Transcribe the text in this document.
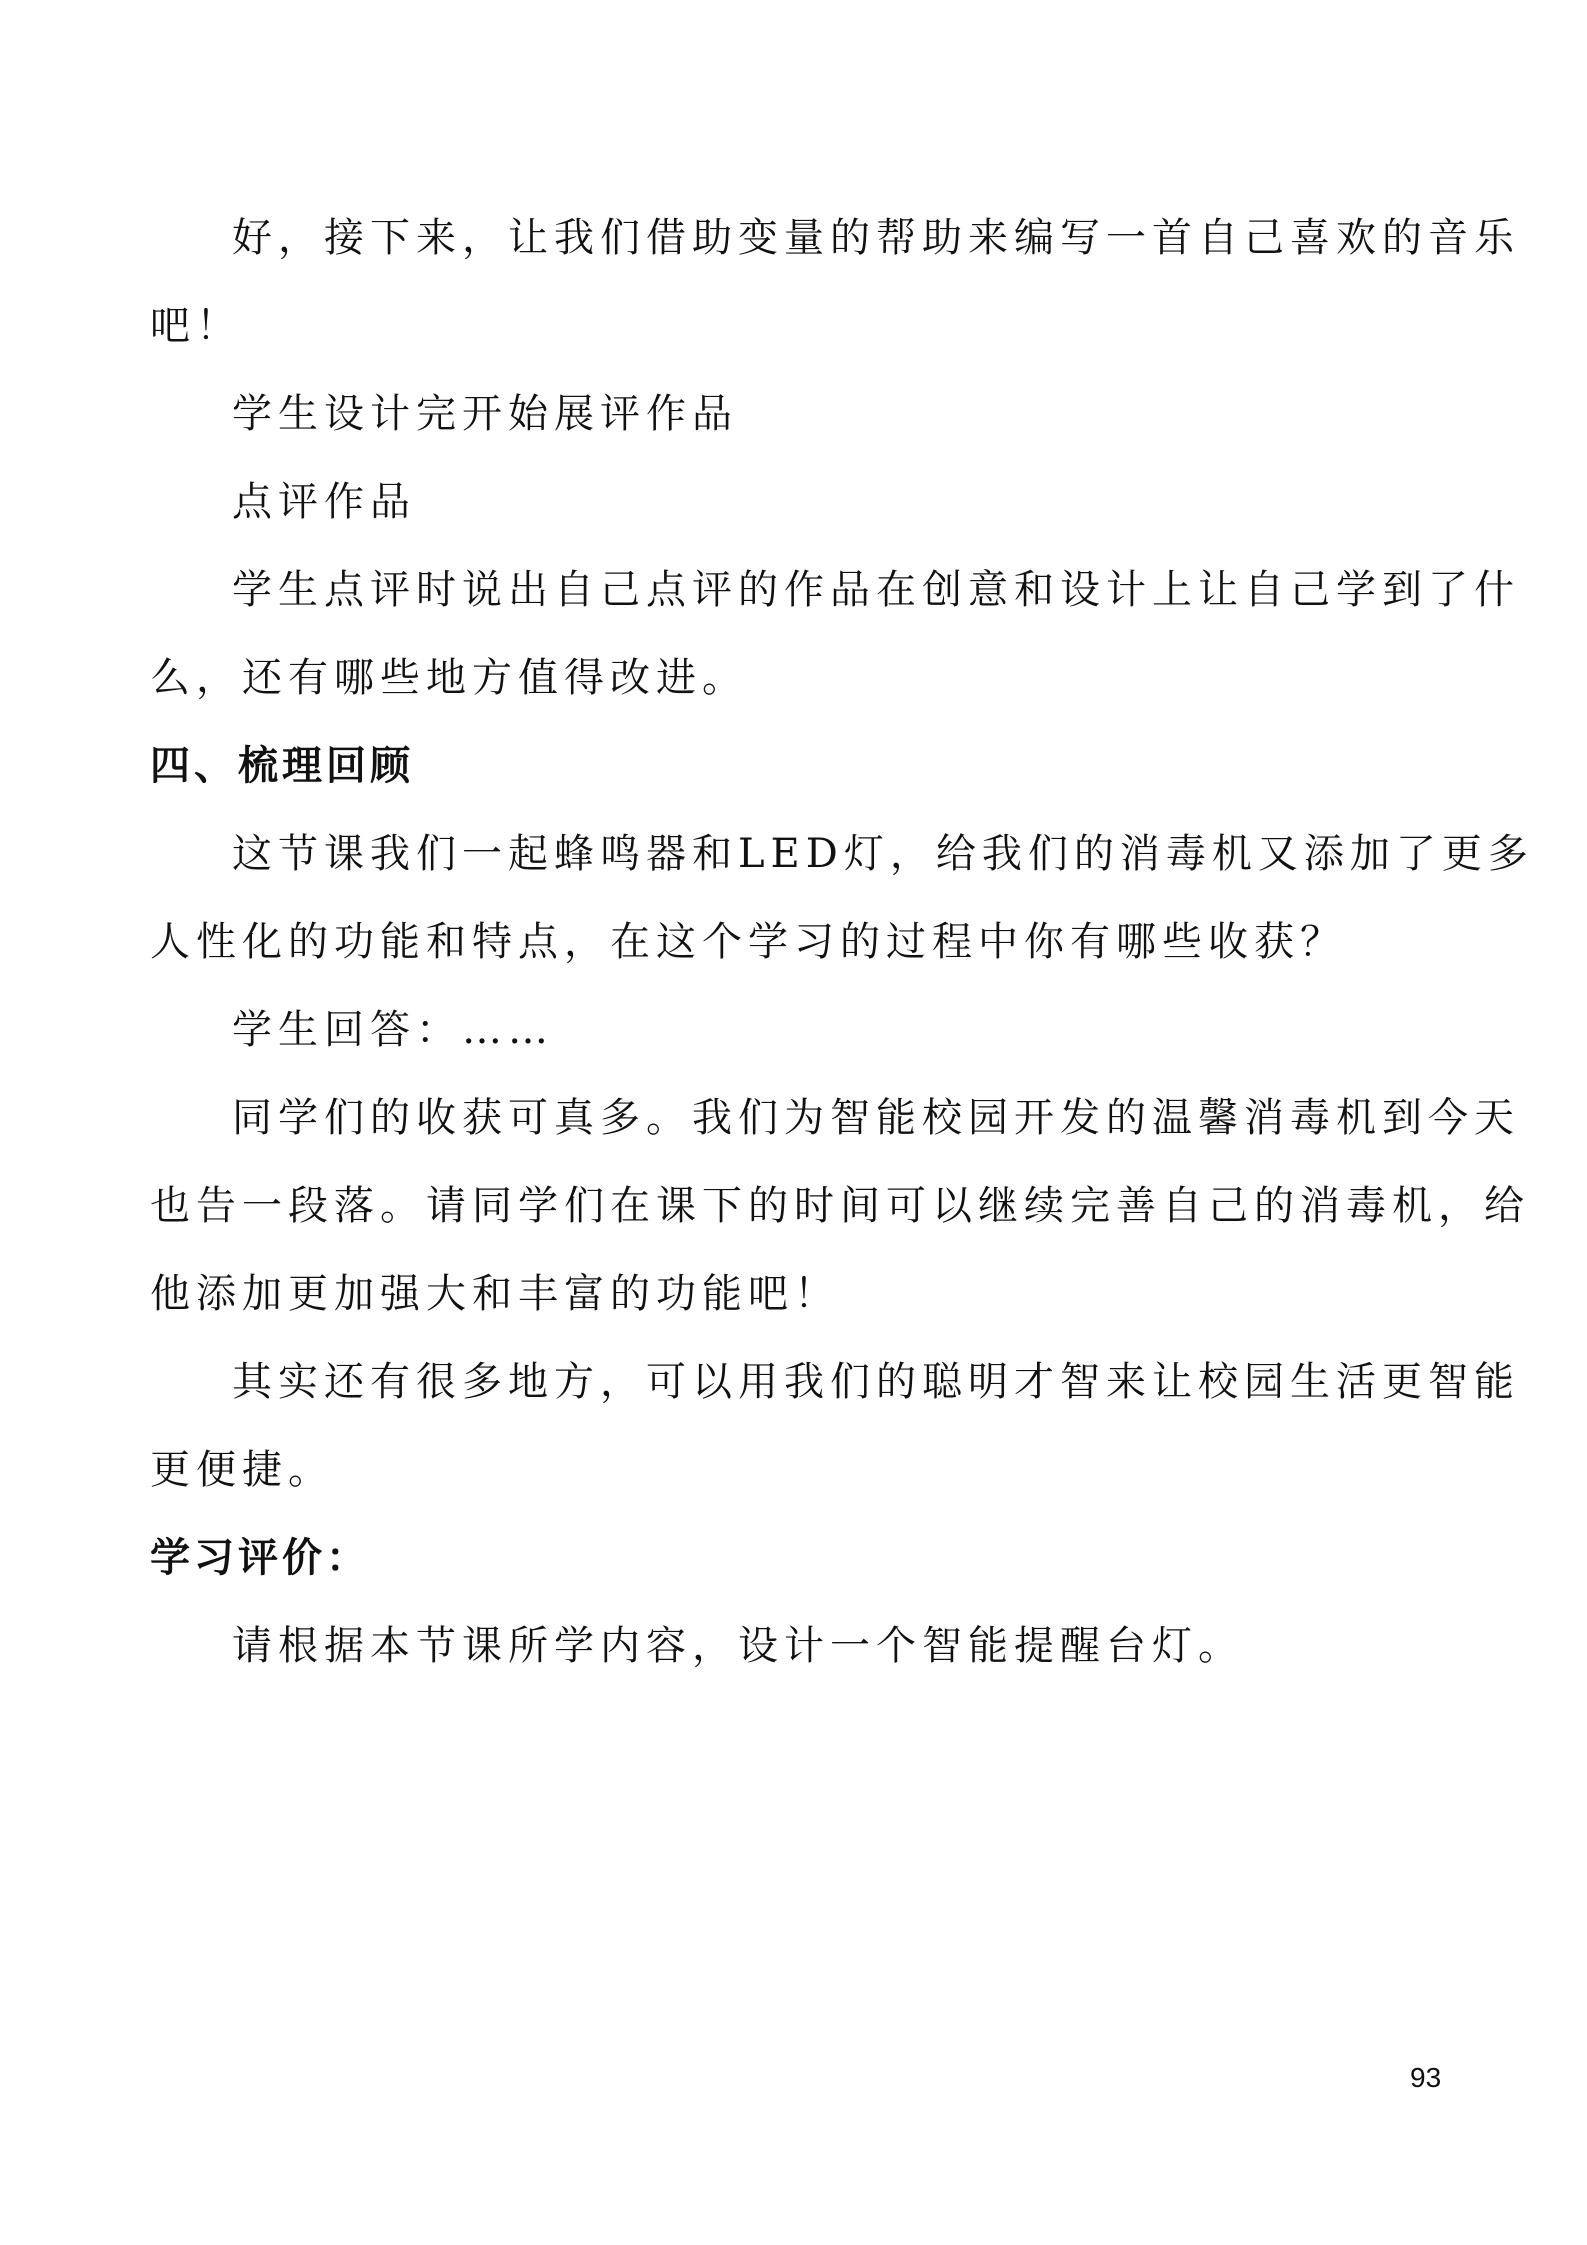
好，接下来，让我们借助变量的帮助来编写一首自己喜欢的音乐
吧！
学生设计完开始展评作品
点评作品
学生点评时说出自己点评的作品在创意和设计上让自己学到了什
么，还有哪些地方值得改进。
四、梳理回顾
这节课我们一起蜂鸣器和LED灯，给我们的消毒机又添加了更多
人性化的功能和特点，在这个学习的过程中你有哪些收获？
学生回答：……
同学们的收获可真多。我们为智能校园开发的温馨消毒机到今天
也告一段落。请同学们在课下的时间可以继续完善自己的消毒机，给
他添加更加强大和丰富的功能吧！
其实还有很多地方，可以用我们的聪明才智来让校园生活更智能
更便捷。
学习评价：
请根据本节课所学内容，设计一个智能提醒台灯。
93
